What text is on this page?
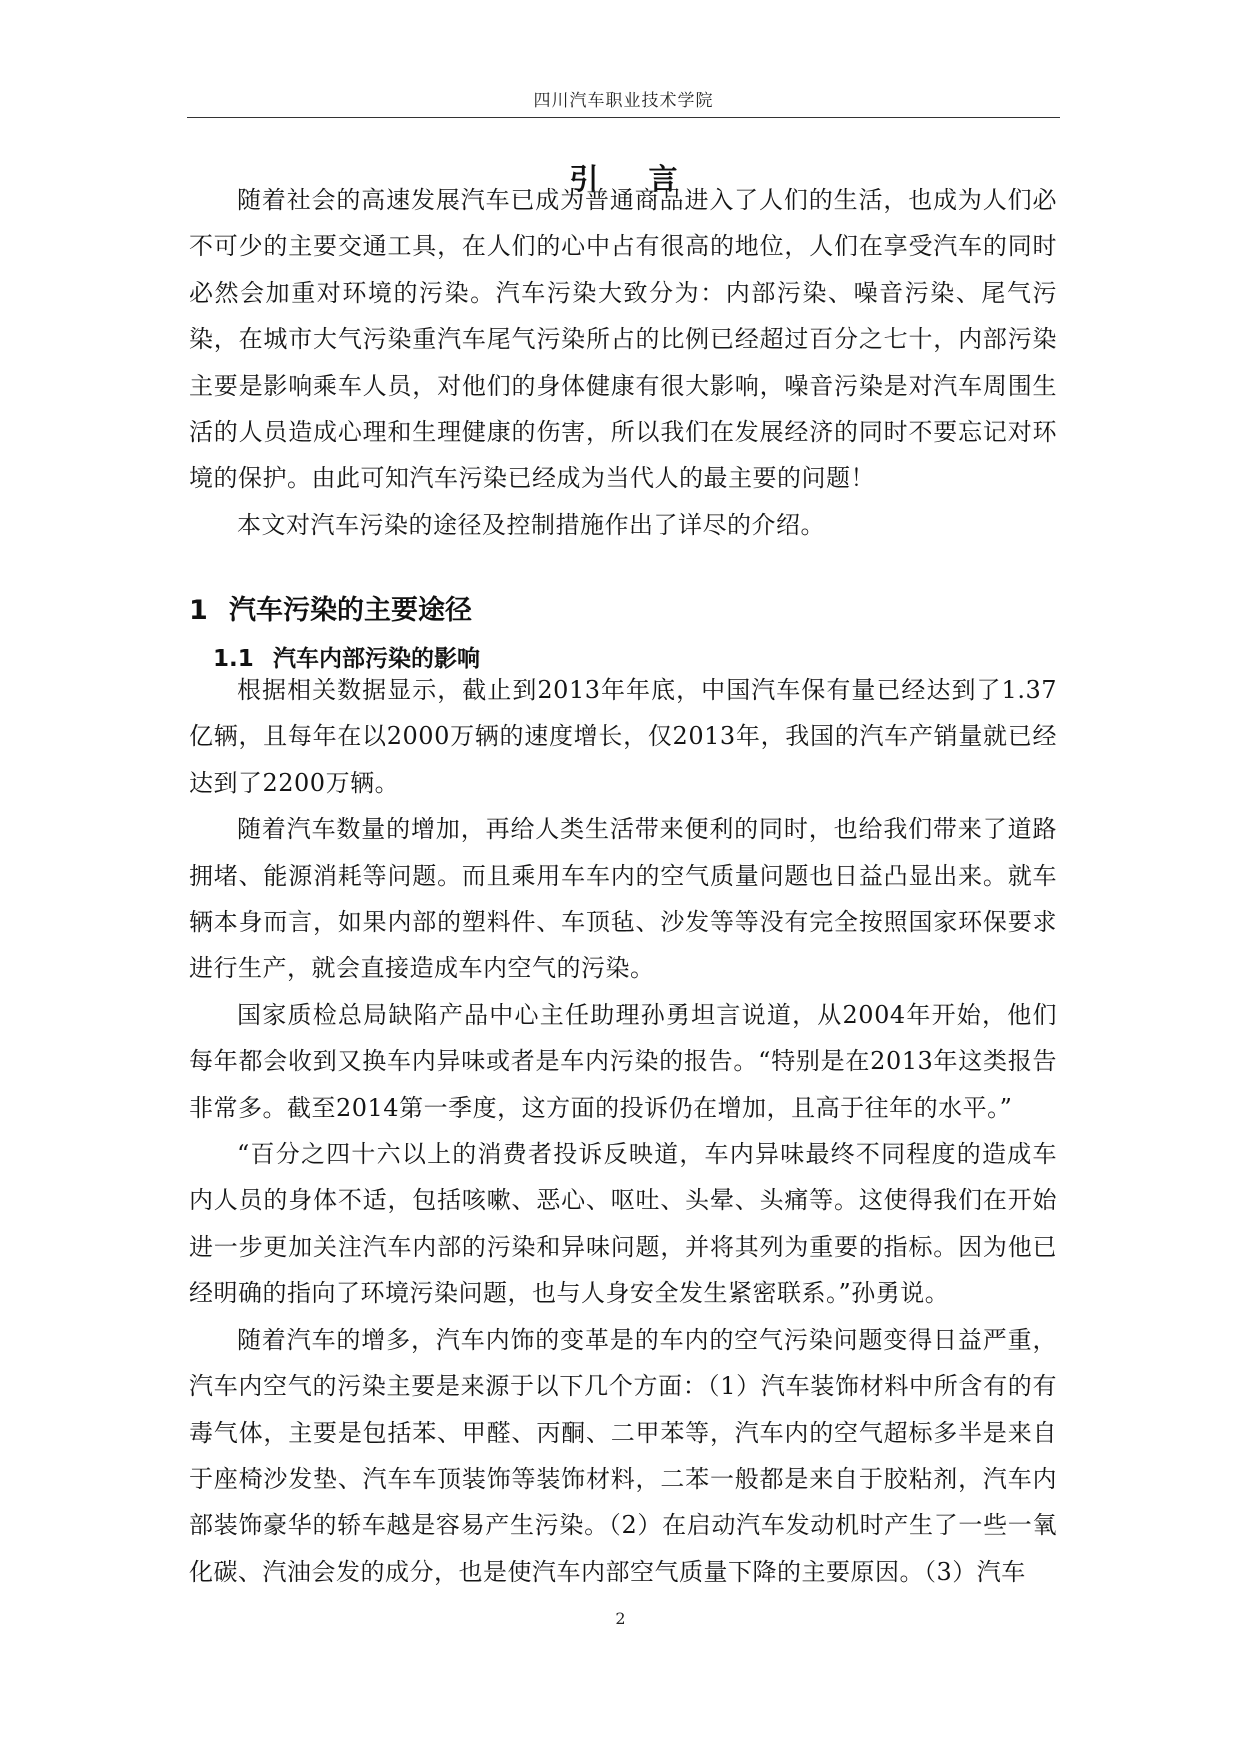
四川汽车职业技术学院
引 言

随着社会的高速发展汽车已成为普通商品进入了人们的生活，也成为人们必不可少的主要交通工具，在人们的心中占有很高的地位，人们在享受汽车的同时必然会加重对环境的污染。汽车污染大致分为：内部污染、噪音污染、尾气污染，在城市大气污染重汽车尾气污染所占的比例已经超过百分之七十，内部污染主要是影响乘车人员，对他们的身体健康有很大影响，噪音污染是对汽车周围生活的人员造成心理和生理健康的伤害，所以我们在发展经济的同时不要忘记对环境的保护。由此可知汽车污染已经成为当代人的最主要的问题！

本文对汽车污染的途径及控制措施作出了详尽的介绍。

1 汽车污染的主要途径
1.1 汽车内部污染的影响

根据相关数据显示，截止到2013年年底，中国汽车保有量已经达到了1.37亿辆，且每年在以2000万辆的速度增长，仅2013年，我国的汽车产销量就已经达到了2200万辆。

随着汽车数量的增加，再给人类生活带来便利的同时，也给我们带来了道路拥堵、能源消耗等问题。而且乘用车车内的空气质量问题也日益凸显出来。就车辆本身而言，如果内部的塑料件、车顶毡、沙发等等没有完全按照国家环保要求进行生产，就会直接造成车内空气的污染。

国家质检总局缺陷产品中心主任助理孙勇坦言说道，从2004年开始，他们每年都会收到又换车内异味或者是车内污染的报告。“特别是在2013年这类报告非常多。截至2014第一季度，这方面的投诉仍在增加，且高于往年的水平。”

“百分之四十六以上的消费者投诉反映道，车内异味最终不同程度的造成车内人员的身体不适，包括咳嗽、恶心、呕吐、头晕、头痛等。这使得我们在开始进一步更加关注汽车内部的污染和异味问题，并将其列为重要的指标。因为他已经明确的指向了环境污染问题，也与人身安全发生紧密联系。”孙勇说。

随着汽车的增多，汽车内饰的变革是的车内的空气污染问题变得日益严重，汽车内空气的污染主要是来源于以下几个方面：（1）汽车装饰材料中所含有的有毒气体，主要是包括苯、甲醛、丙酮、二甲苯等，汽车内的空气超标多半是来自于座椅沙发垫、汽车车顶装饰等装饰材料，二苯一般都是来自于胶粘剂，汽车内部装饰豪华的轿车越是容易产生污染。（2）在启动汽车发动机时产生了一些一氧化碳、汽油会发的成分，也是使汽车内部空气质量下降的主要原因。（3）汽车

2
